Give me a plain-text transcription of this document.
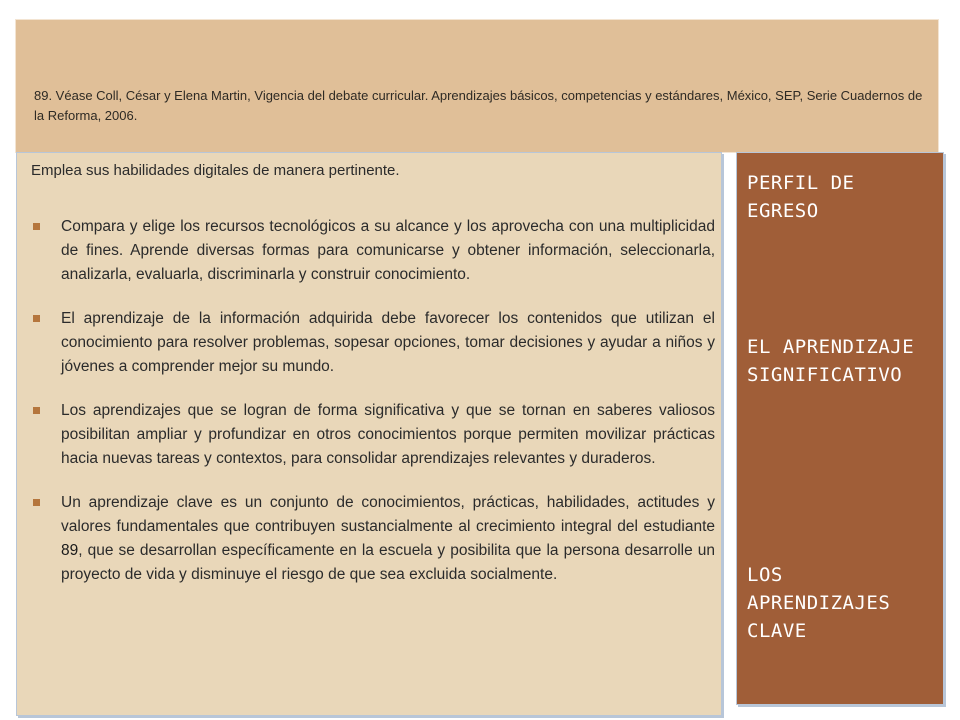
89. Véase Coll, César y Elena Martin, Vigencia del debate curricular. Aprendizajes básicos, competencias y estándares, México, SEP, Serie Cuadernos de la Reforma, 2006.
Emplea sus habilidades digitales de manera pertinente.
Compara y elige los recursos tecnológicos a su alcance y los aprovecha con una multiplicidad de fines. Aprende diversas formas para comunicarse y obtener información, seleccionarla, analizarla, evaluarla, discriminarla y construir conocimiento.
El aprendizaje de la información adquirida debe favorecer los contenidos que utilizan el conocimiento para resolver problemas, sopesar opciones, tomar decisiones y ayudar a niños y jóvenes a comprender mejor su mundo.
Los aprendizajes que se logran de forma significativa y que se tornan en saberes valiosos posibilitan ampliar y profundizar en otros conocimientos porque permiten movilizar prácticas hacia nuevas tareas y contextos, para consolidar aprendizajes relevantes y duraderos.
Un aprendizaje clave es un conjunto de conocimientos, prácticas, habilidades, actitudes y valores fundamentales que contribuyen sustancialmente al crecimiento integral del estudiante 89, que se desarrollan específicamente en la escuela y posibilita que la persona desarrolle un proyecto de vida y disminuye el riesgo de que sea excluida socialmente.
PERFIL DE EGRESO
EL APRENDIZAJE SIGNIFICATIVO
LOS APRENDIZAJES CLAVE
